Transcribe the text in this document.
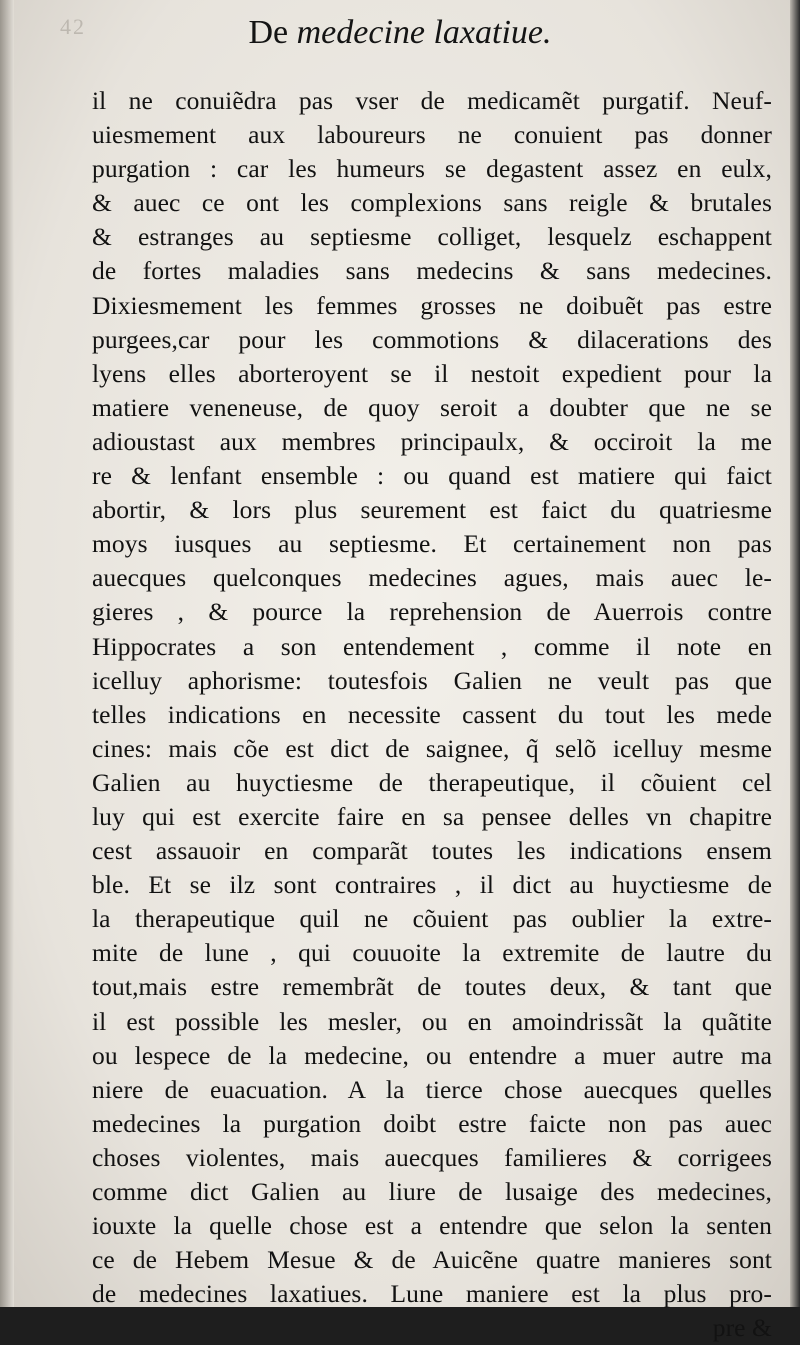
42	De medecine laxatiue.
il ne conuiẽdra pas vser de medicamẽt purgatif. Neuf-
uiesmement aux laboureurs ne conuient pas donner
purgation : car les humeurs se degastent assez en eulx,
& auec ce ont les complexions sans reigle & brutales
& estranges au septiesme colliget, lesquelz eschappent
de fortes maladies sans medecins & sans medecines.
Dixiesmement les femmes grosses ne doibuẽt pas estre
purgees,car pour les commotions & dilacerations des
lyens elles aborteroyent se il nestoit expedient pour la
matiere veneneuse, de quoy seroit a doubter que ne se
adioustast aux membres principaulx, & occiroit la me
re & lenfant ensemble : ou quand est matiere qui faict
abortir, & lors plus seurement est faict du quatriesme
moys iusques au septiesme. Et certainement non pas
auecques quelconques medecines agues, mais auec le-
gieres , & pource la reprehension de Auerrois contre
Hippocrates a son entendement , comme il note en
icelluy aphorisme: toutesfois Galien ne veult pas que
telles indications en necessite cassent du tout les mede
cines: mais cõe est dict de saignee, q̃ selõ icelluy mesme
Galien au huyctiesme de therapeutique, il cõuient cel
luy qui est exercite faire en sa pensee delles vn chapitre
cest assauoir en comparãt toutes les indications ensem
ble. Et se ilz sont contraires , il dict au huyctiesme de
la therapeutique quil ne cõuient pas oublier la extre-
mite de lune , qui couuoite la extremite de lautre du
tout,mais estre remembrãt de toutes deux, & tant que
il est possible les mesler, ou en amoindrissãt la quãtite
ou lespece de la medecine, ou entendre a muer autre ma
niere de euacuation. A la tierce chose auecques quelles
medecines la purgation doibt estre faicte non pas auec
choses violentes, mais auecques familieres & corrigees
comme dict Galien au liure de lusaige des medecines,
iouxte la quelle chose est a entendre que selon la senten
ce de Hebem Mesue & de Auicẽne quatre manieres sont
de medecines laxatiues. Lune maniere est la plus pro-
pre &
